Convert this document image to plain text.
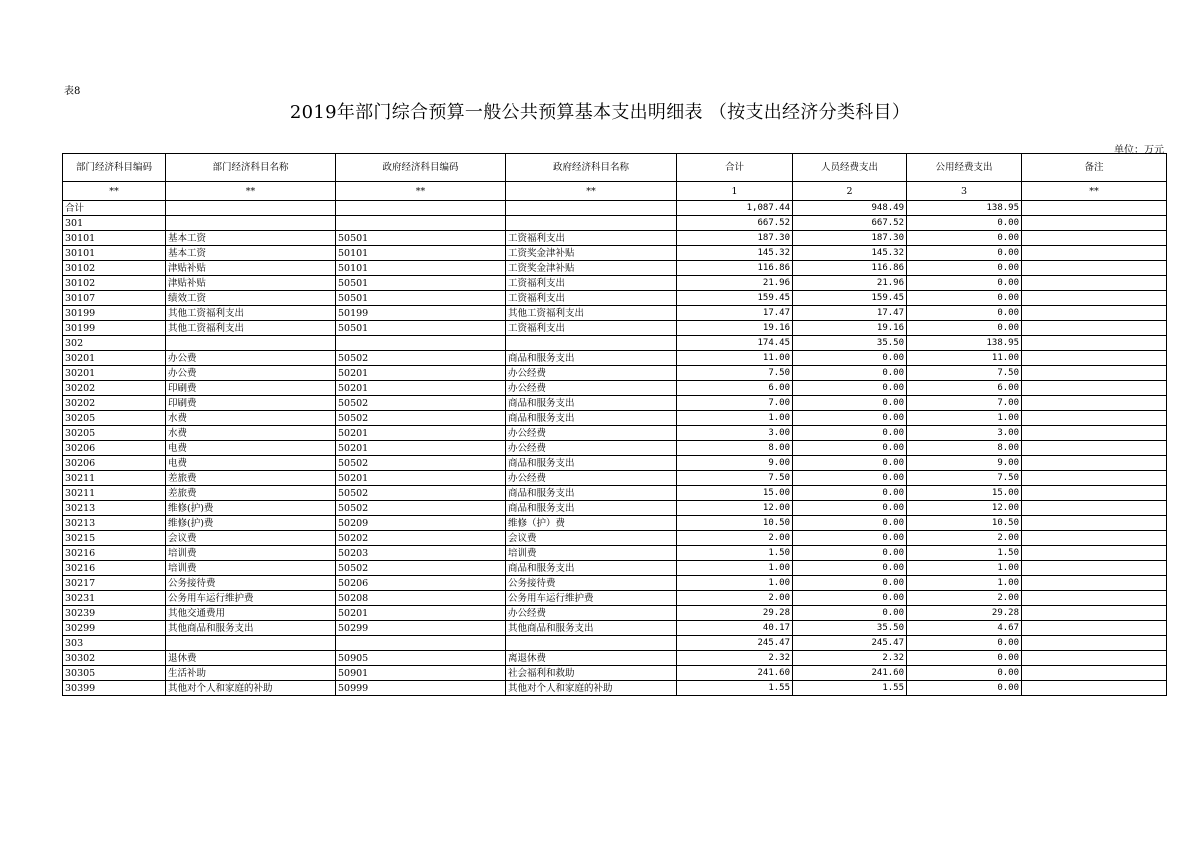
表8
2019年部门综合预算一般公共预算基本支出明细表 （按支出经济分类科目）
单位：万元
部门经济科目编码	部门经济科目名称	政府经济科目编码	政府经济科目名称	合计	人员经费支出	公用经费支出	备注
**	**	**	**	1	2	3	**
合计				1,087.44	948.49	138.95	
301				667.52	667.52	0.00	
30101	基本工资	50501	工资福利支出	187.30	187.30	0.00	
30101	基本工资	50101	工资奖金津补贴	145.32	145.32	0.00	
30102	津贴补贴	50101	工资奖金津补贴	116.86	116.86	0.00	
30102	津贴补贴	50501	工资福利支出	21.96	21.96	0.00	
30107	绩效工资	50501	工资福利支出	159.45	159.45	0.00	
30199	其他工资福利支出	50199	其他工资福利支出	17.47	17.47	0.00	
30199	其他工资福利支出	50501	工资福利支出	19.16	19.16	0.00	
302				174.45	35.50	138.95	
30201	办公费	50502	商品和服务支出	11.00	0.00	11.00	
30201	办公费	50201	办公经费	7.50	0.00	7.50	
30202	印刷费	50201	办公经费	6.00	0.00	6.00	
30202	印刷费	50502	商品和服务支出	7.00	0.00	7.00	
30205	水费	50502	商品和服务支出	1.00	0.00	1.00	
30205	水费	50201	办公经费	3.00	0.00	3.00	
30206	电费	50201	办公经费	8.00	0.00	8.00	
30206	电费	50502	商品和服务支出	9.00	0.00	9.00	
30211	差旅费	50201	办公经费	7.50	0.00	7.50	
30211	差旅费	50502	商品和服务支出	15.00	0.00	15.00	
30213	维修(护)费	50502	商品和服务支出	12.00	0.00	12.00	
30213	维修(护)费	50209	维修（护）费	10.50	0.00	10.50	
30215	会议费	50202	会议费	2.00	0.00	2.00	
30216	培训费	50203	培训费	1.50	0.00	1.50	
30216	培训费	50502	商品和服务支出	1.00	0.00	1.00	
30217	公务接待费	50206	公务接待费	1.00	0.00	1.00	
30231	公务用车运行维护费	50208	公务用车运行维护费	2.00	0.00	2.00	
30239	其他交通费用	50201	办公经费	29.28	0.00	29.28	
30299	其他商品和服务支出	50299	其他商品和服务支出	40.17	35.50	4.67	
303				245.47	245.47	0.00	
30302	退休费	50905	离退休费	2.32	2.32	0.00	
30305	生活补助	50901	社会福利和救助	241.60	241.60	0.00	
30399	其他对个人和家庭的补助	50999	其他对个人和家庭的补助	1.55	1.55	0.00	
